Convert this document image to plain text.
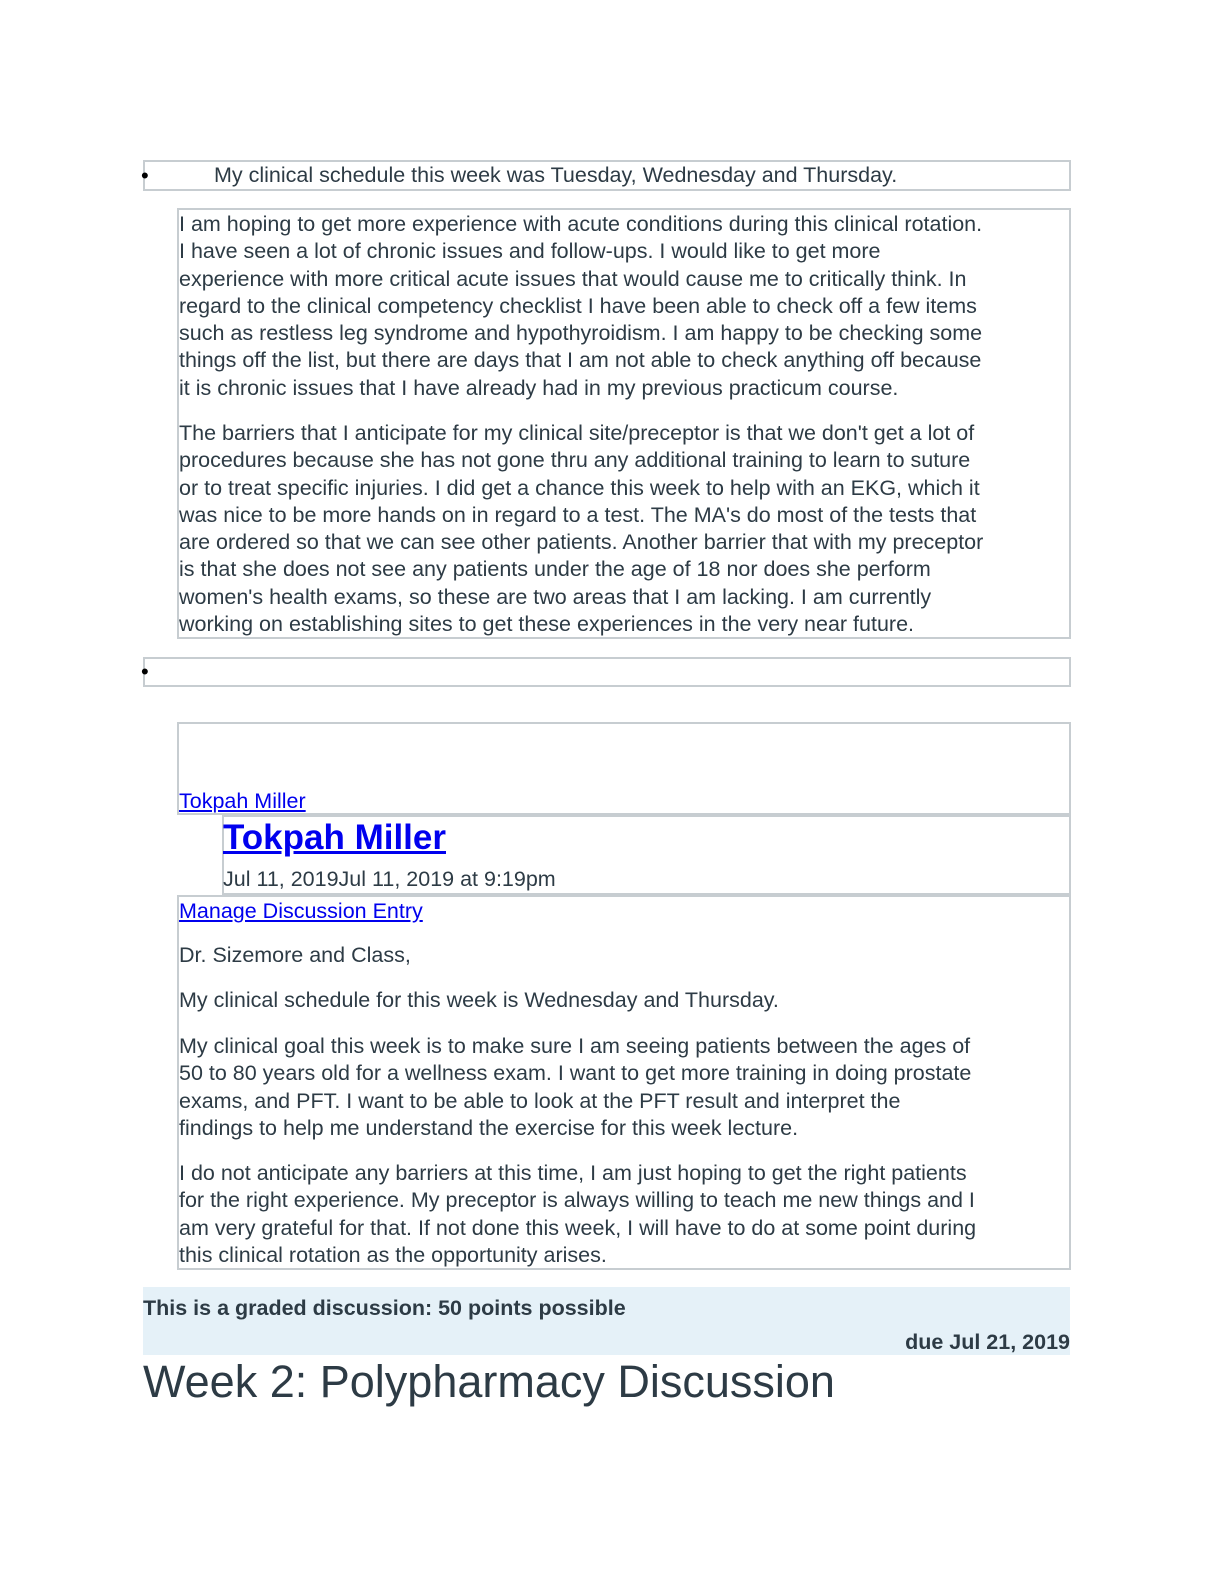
•	My clinical schedule this week was Tuesday, Wednesday and Thursday.

I am hoping to get more experience with acute conditions during this clinical rotation.
I have seen a lot of chronic issues and follow-ups. I would like to get more
experience with more critical acute issues that would cause me to critically think. In
regard to the clinical competency checklist I have been able to check off a few items
such as restless leg syndrome and hypothyroidism. I am happy to be checking some
things off the list, but there are days that I am not able to check anything off because
it is chronic issues that I have already had in my previous practicum course.

The barriers that I anticipate for my clinical site/preceptor is that we don't get a lot of
procedures because she has not gone thru any additional training to learn to suture
or to treat specific injuries. I did get a chance this week to help with an EKG, which it
was nice to be more hands on in regard to a test. The MA's do most of the tests that
are ordered so that we can see other patients. Another barrier that with my preceptor
is that she does not see any patients under the age of 18 nor does she perform
women's health exams, so these are two areas that I am lacking. I am currently
working on establishing sites to get these experiences in the very near future.

•
Tokpah Miller
Tokpah Miller

Jul 11, 2019Jul 11, 2019 at 9:19pm

Manage Discussion Entry

Dr. Sizemore and Class,

My clinical schedule for this week is Wednesday and Thursday.

My clinical goal this week is to make sure I am seeing patients between the ages of
50 to 80 years old for a wellness exam. I want to get more training in doing prostate
exams, and PFT. I want to be able to look at the PFT result and interpret the
findings to help me understand the exercise for this week lecture.

I do not anticipate any barriers at this time, I am just hoping to get the right patients
for the right experience. My preceptor is always willing to teach me new things and I
am very grateful for that. If not done this week, I will have to do at some point during
this clinical rotation as the opportunity arises.

This is a graded discussion: 50 points possible
due Jul 21, 2019
Week 2: Polypharmacy Discussion
